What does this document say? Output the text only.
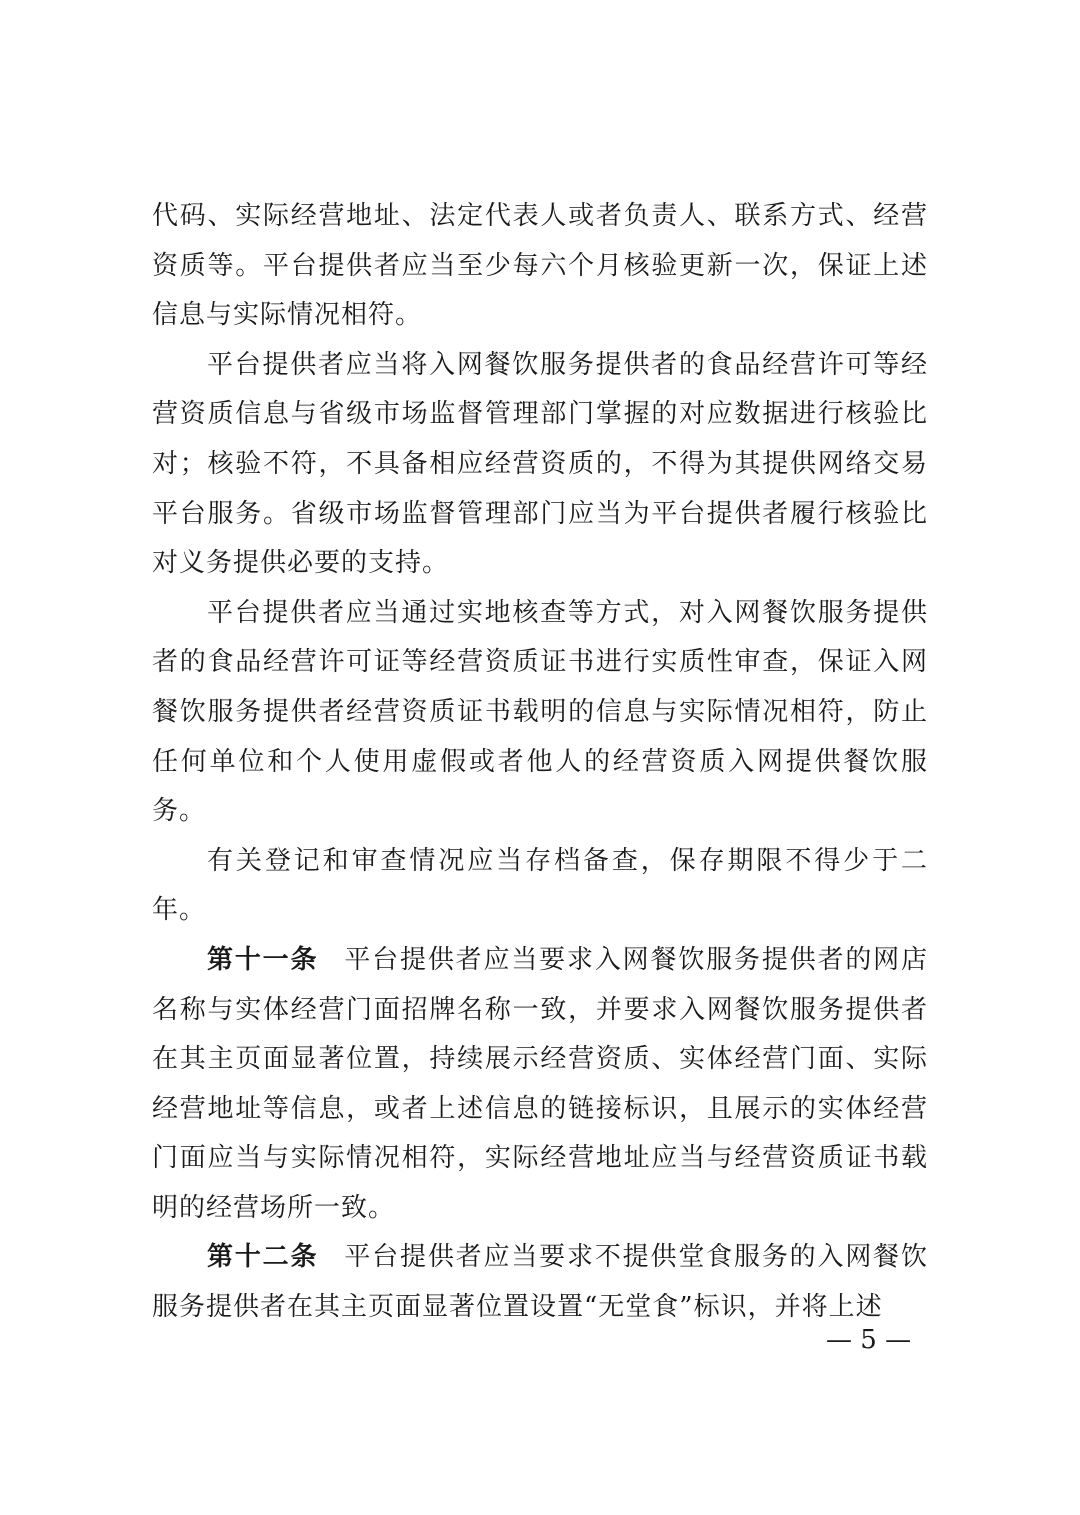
代码、实际经营地址、法定代表人或者负责人、联系方式、经营资质等。平台提供者应当至少每六个月核验更新一次，保证上述信息与实际情况相符。

平台提供者应当将入网餐饮服务提供者的食品经营许可等经营资质信息与省级市场监督管理部门掌握的对应数据进行核验比对；核验不符，不具备相应经营资质的，不得为其提供网络交易平台服务。省级市场监督管理部门应当为平台提供者履行核验比对义务提供必要的支持。

平台提供者应当通过实地核查等方式，对入网餐饮服务提供者的食品经营许可证等经营资质证书进行实质性审查，保证入网餐饮服务提供者经营资质证书载明的信息与实际情况相符，防止任何单位和个人使用虚假或者他人的经营资质入网提供餐饮服务。

有关登记和审查情况应当存档备查，保存期限不得少于二年。

第十一条 平台提供者应当要求入网餐饮服务提供者的网店名称与实体经营门面招牌名称一致，并要求入网餐饮服务提供者在其主页面显著位置，持续展示经营资质、实体经营门面、实际经营地址等信息，或者上述信息的链接标识，且展示的实体经营门面应当与实际情况相符，实际经营地址应当与经营资质证书载明的经营场所一致。

第十二条 平台提供者应当要求不提供堂食服务的入网餐饮服务提供者在其主页面显著位置设置“无堂食”标识，并将上述

— 5 —
